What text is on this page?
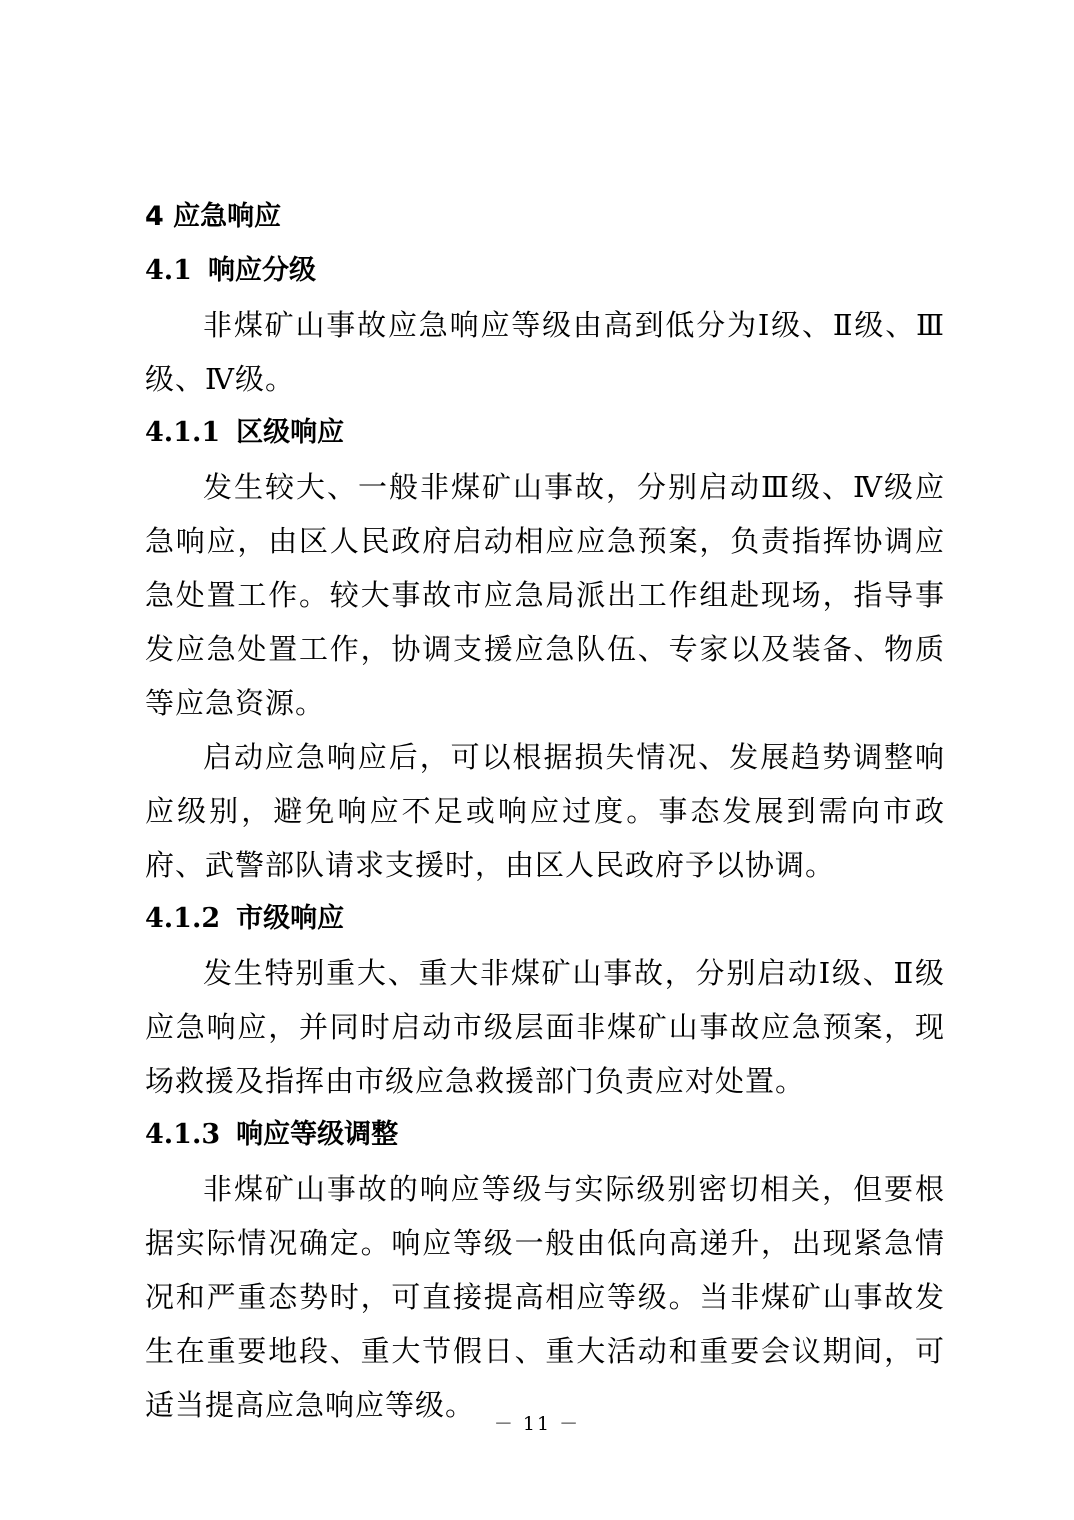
4 应急响应
4.1 响应分级

非煤矿山事故应急响应等级由高到低分为Ⅰ级、Ⅱ级、Ⅲ级、Ⅳ级。

4.1.1 区级响应

发生较大、一般非煤矿山事故，分别启动Ⅲ级、Ⅳ级应急响应，由区人民政府启动相应应急预案，负责指挥协调应急处置工作。较大事故市应急局派出工作组赴现场，指导事发应急处置工作，协调支援应急队伍、专家以及装备、物质等应急资源。

启动应急响应后，可以根据损失情况、发展趋势调整响应级别，避免响应不足或响应过度。事态发展到需向市政府、武警部队请求支援时，由区人民政府予以协调。

4.1.2 市级响应

发生特别重大、重大非煤矿山事故，分别启动Ⅰ级、Ⅱ级应急响应，并同时启动市级层面非煤矿山事故应急预案，现场救援及指挥由市级应急救援部门负责应对处置。

4.1.3 响应等级调整

非煤矿山事故的响应等级与实际级别密切相关，但要根据实际情况确定。响应等级一般由低向高递升，出现紧急情况和严重态势时，可直接提高相应等级。当非煤矿山事故发生在重要地段、重大节假日、重大活动和重要会议期间，可适当提高应急响应等级。

－ 11 －
